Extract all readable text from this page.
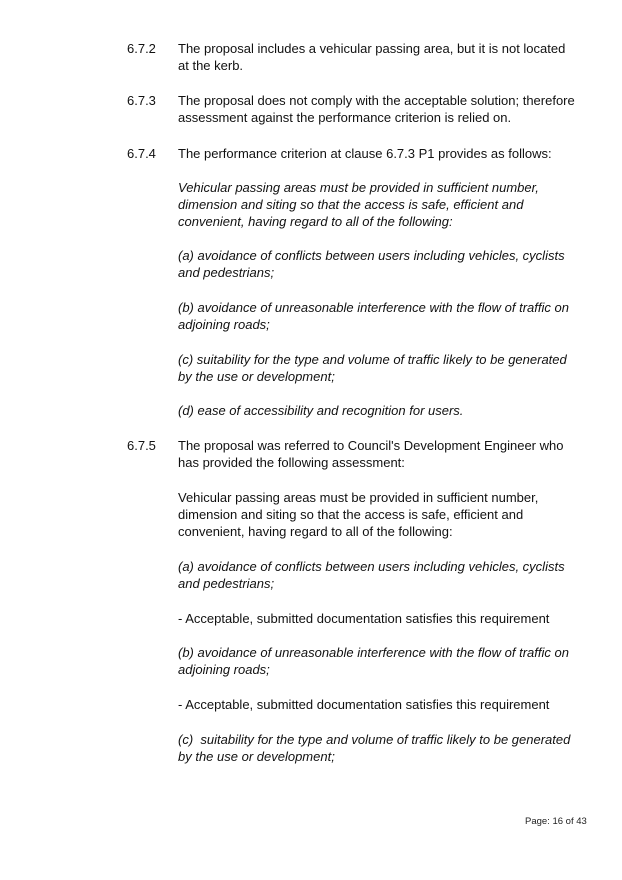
6.7.2 The proposal includes a vehicular passing area, but it is not located at the kerb.

6.7.3 The proposal does not comply with the acceptable solution; therefore assessment against the performance criterion is relied on.

6.7.4 The performance criterion at clause 6.7.3 P1 provides as follows:

Vehicular passing areas must be provided in sufficient number, dimension and siting so that the access is safe, efficient and convenient, having regard to all of the following:

(a) avoidance of conflicts between users including vehicles, cyclists and pedestrians;

(b) avoidance of unreasonable interference with the flow of traffic on adjoining roads;

(c) suitability for the type and volume of traffic likely to be generated by the use or development;

(d) ease of accessibility and recognition for users.

6.7.5 The proposal was referred to Council's Development Engineer who has provided the following assessment:

Vehicular passing areas must be provided in sufficient number, dimension and siting so that the access is safe, efficient and convenient, having regard to all of the following:

(a) avoidance of conflicts between users including vehicles, cyclists and pedestrians;

- Acceptable, submitted documentation satisfies this requirement

(b) avoidance of unreasonable interference with the flow of traffic on adjoining roads;

- Acceptable, submitted documentation satisfies this requirement

(c)  suitability for the type and volume of traffic likely to be generated by the use or development;

Page: 16 of 43
